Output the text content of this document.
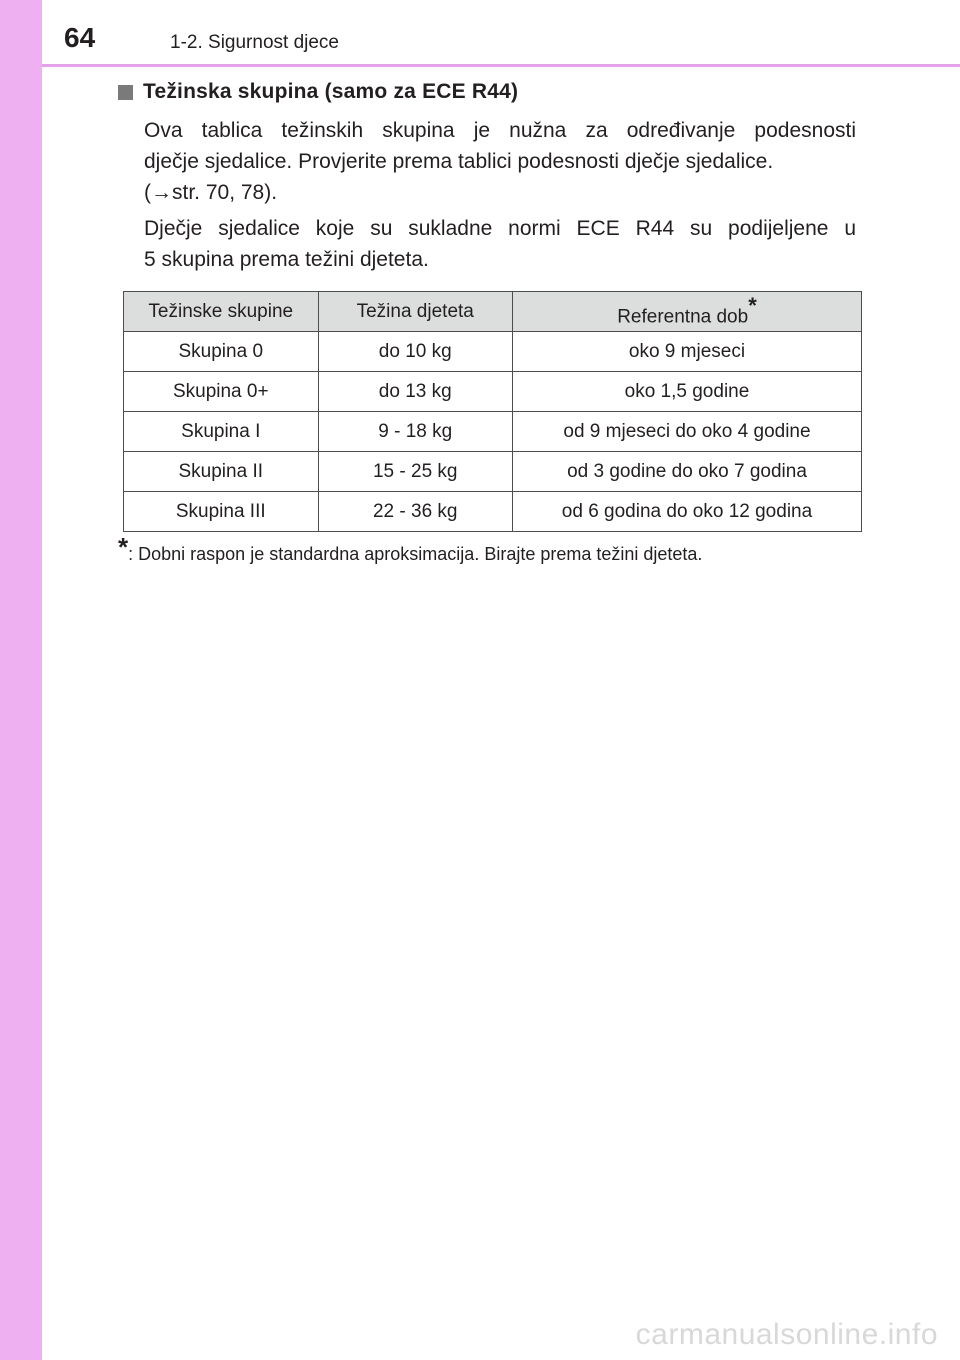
64	1-2. Sigurnost djece
Težinska skupina (samo za ECE R44)
Ova tablica težinskih skupina je nužna za određivanje podesnosti
dječje sjedalice. Provjerite prema tablici podesnosti dječje sjedalice.
(→str. 70, 78).
Dječje sjedalice koje su sukladne normi ECE R44 su podijeljene u
5 skupina prema težini djeteta.
Težinske skupine	Težina djeteta	Referentna dob*
Skupina 0	do 10 kg	oko 9 mjeseci
Skupina 0+	do 13 kg	oko 1,5 godine
Skupina I	9 - 18 kg	od 9 mjeseci do oko 4 godine
Skupina II	15 - 25 kg	od 3 godine do oko 7 godina
Skupina III	22 - 36 kg	od 6 godina do oko 12 godina
*: Dobni raspon je standardna aproksimacija. Birajte prema težini djeteta.
carmanualsonline.info
